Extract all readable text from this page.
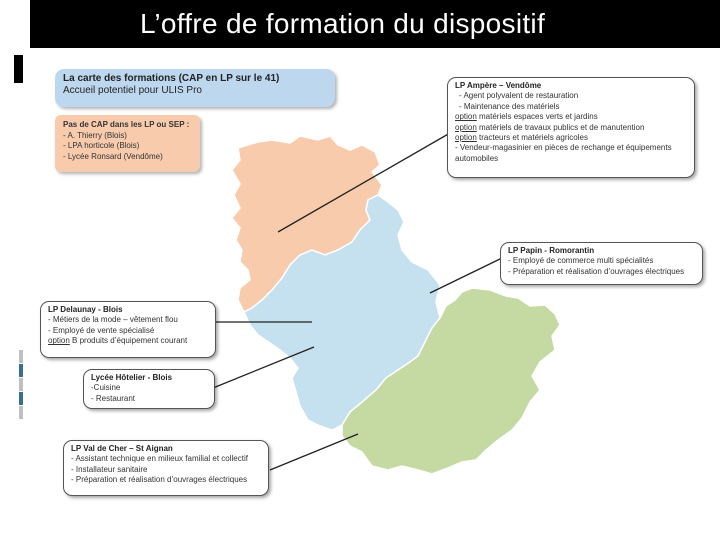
L’offre de formation du dispositif
La carte des formations (CAP en LP sur le 41)
Accueil potentiel pour ULIS Pro
Pas de CAP dans les LP ou SEP :
- A. Thierry (Blois)
- LPA horticole (Blois)
- Lycée Ronsard (Vendôme)
LP Ampère – Vendôme
- Agent polyvalent de restauration
- Maintenance des matériels
option matériels espaces verts et jardins
option matériels de travaux publics et de manutention
option tracteurs et matériels agricoles
- Vendeur-magasinier en pièces de rechange et équipements
automobiles
LP Papin - Romorantin
- Employé de commerce multi spécialités
- Préparation et réalisation d’ouvrages électriques
LP Delaunay - Blois
- Métiers de la mode – vêtement flou
- Employé de vente spécialisé
option B produits d’équipement courant
Lycée Hôtelier - Blois
-Cuisine
- Restaurant
LP Val de Cher – St Aignan
- Assistant technique en milieux familial et collectif
- Installateur sanitaire
- Préparation et réalisation d’ouvrages électriques
